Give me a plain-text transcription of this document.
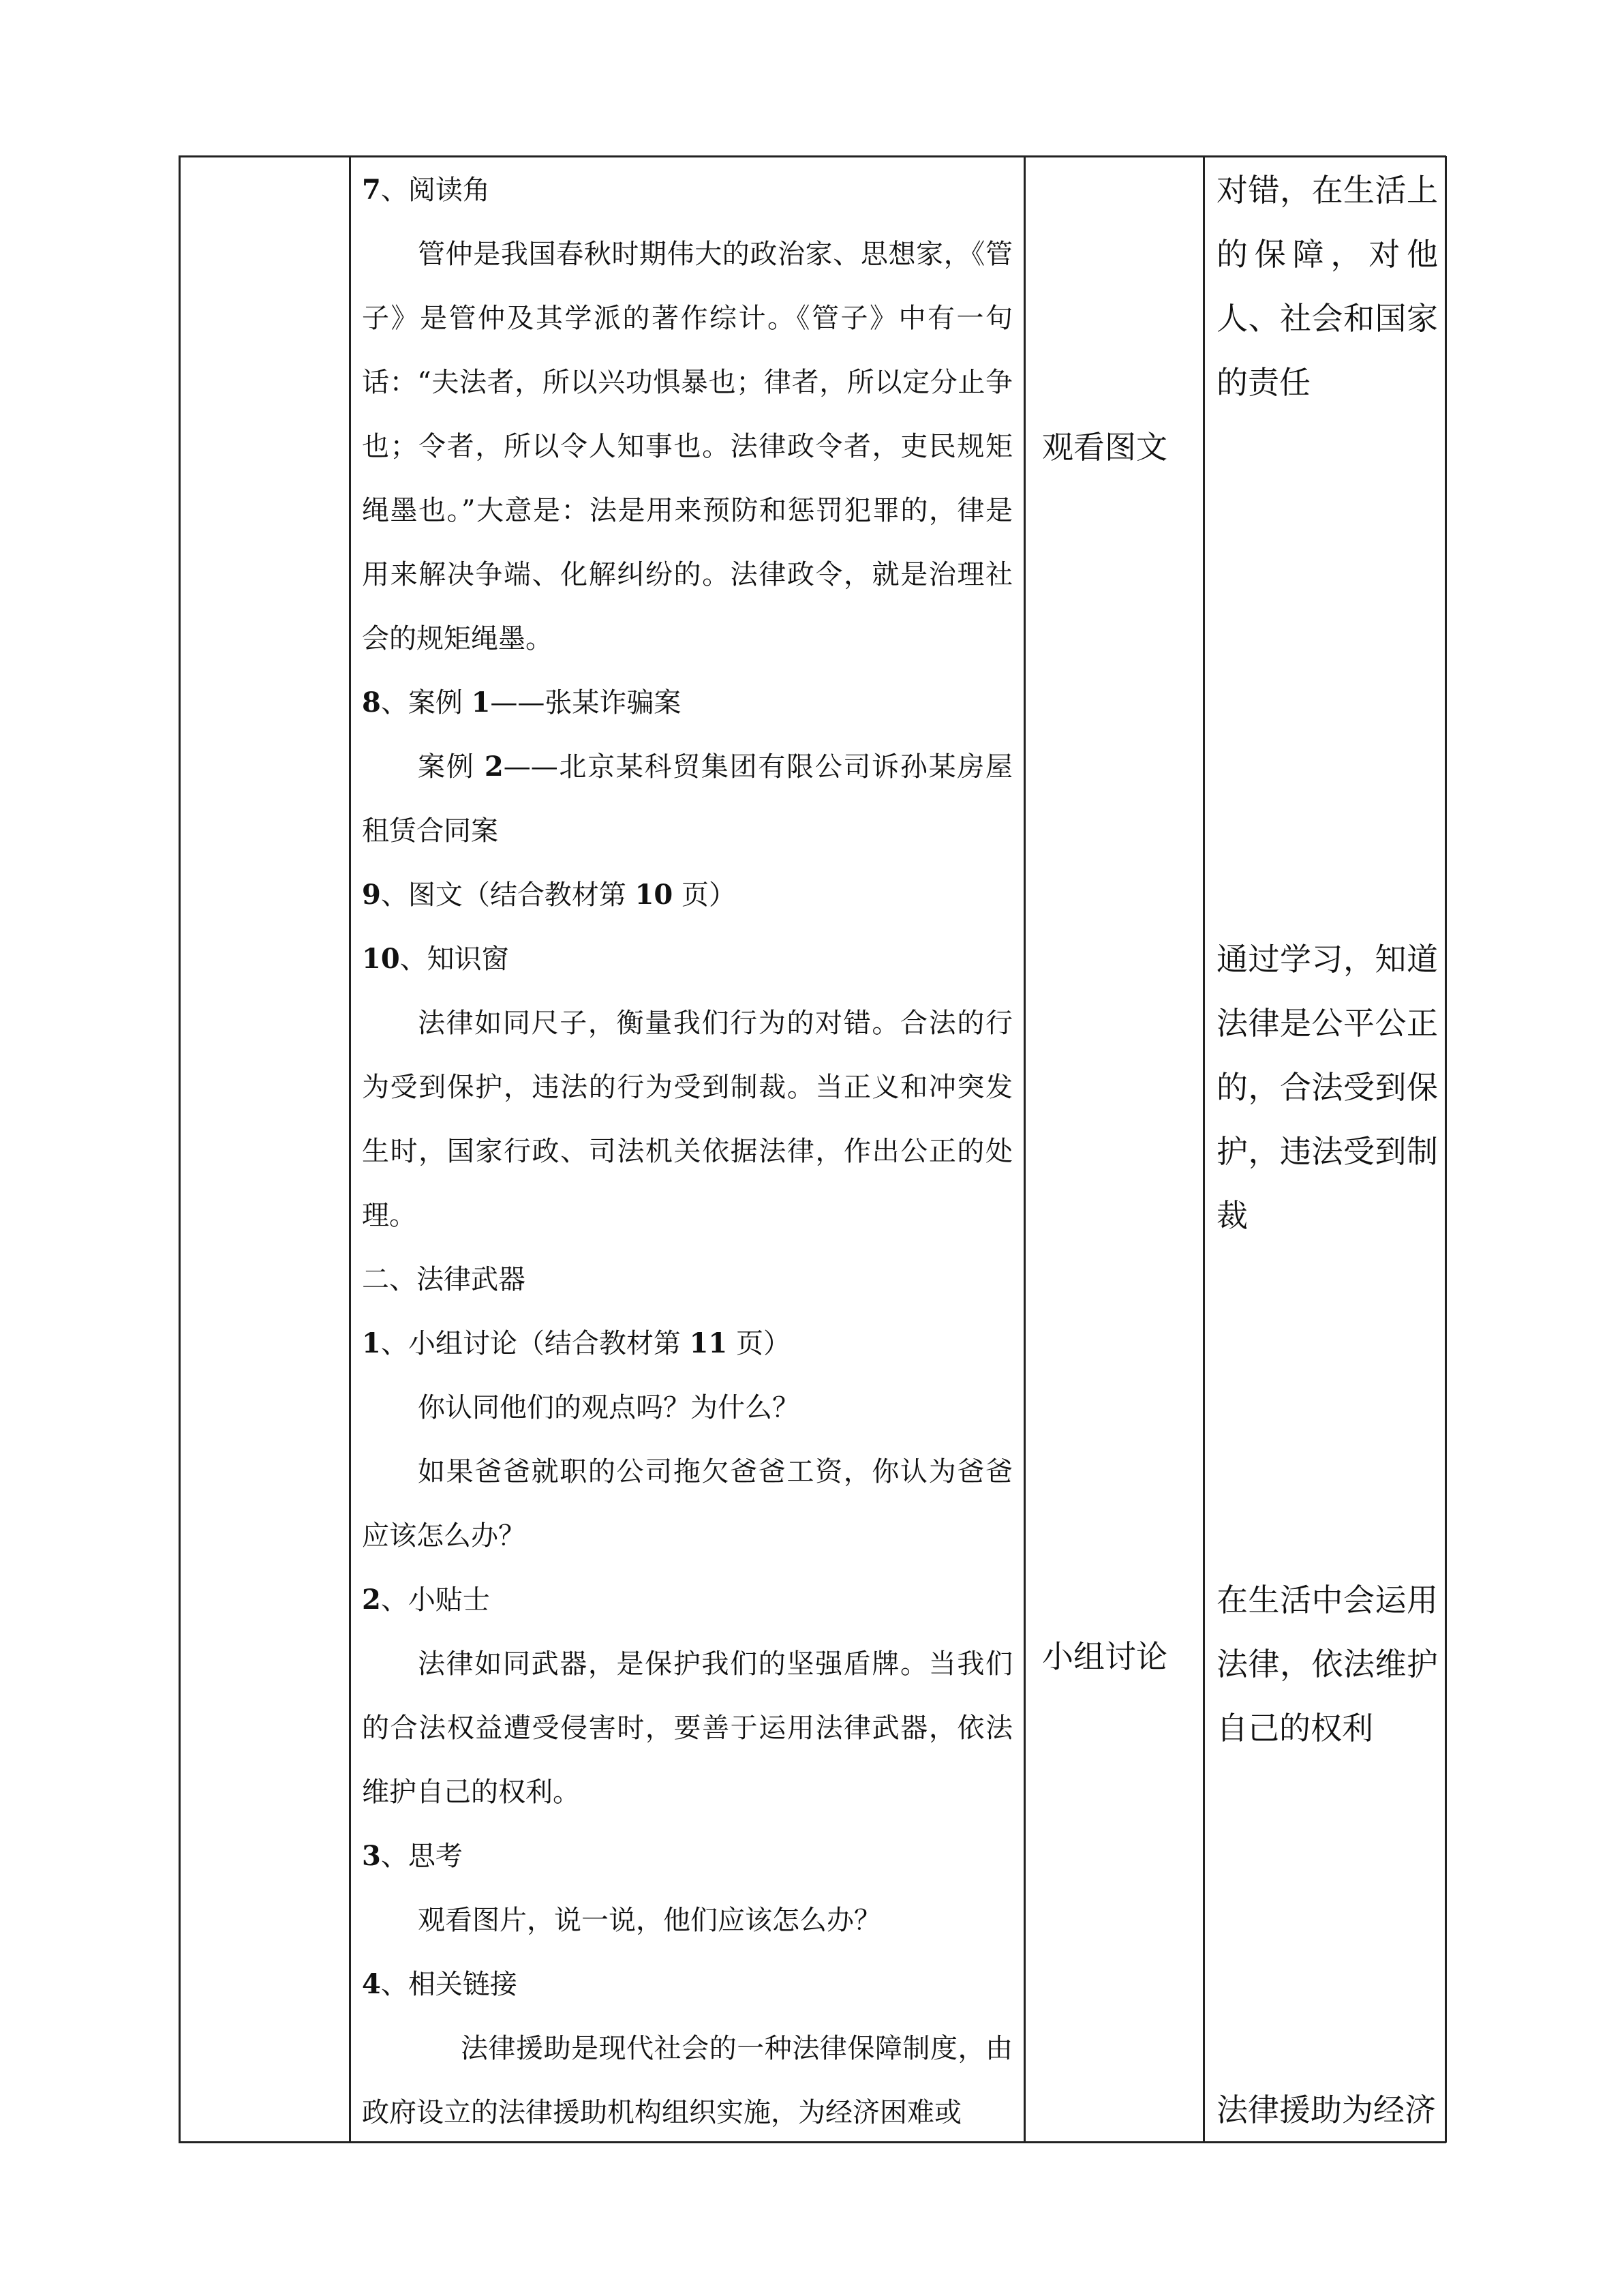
7、阅读角
管仲是我国春秋时期伟大的政治家、思想家，《管子》是管仲及其学派的著作综计。《管子》中有一句话：“夫法者，所以兴功惧暴也；律者，所以定分止争也；令者，所以令人知事也。法律政令者，吏民规矩绳墨也。”大意是：法是用来预防和惩罚犯罪的，律是用来解决争端、化解纠纷的。法律政令，就是治理社会的规矩绳墨。
8、案例 1——张某诈骗案
案例 2——北京某科贸集团有限公司诉孙某房屋租赁合同案
9、图文（结合教材第 10 页）
10、知识窗
法律如同尺子，衡量我们行为的对错。合法的行为受到保护，违法的行为受到制裁。当正义和冲突发生时，国家行政、司法机关依据法律，作出公正的处理。
二、法律武器
1、小组讨论（结合教材第 11 页）
你认同他们的观点吗？为什么？
如果爸爸就职的公司拖欠爸爸工资，你认为爸爸应该怎么办？
2、小贴士
法律如同武器，是保护我们的坚强盾牌。当我们的合法权益遭受侵害时，要善于运用法律武器，依法维护自己的权利。
3、思考
观看图片，说一说，他们应该怎么办？
4、相关链接
法律援助是现代社会的一种法律保障制度，由政府设立的法律援助机构组织实施，为经济困难或
观看图文
小组讨论
对错，在生活上的保障，对他人、社会和国家的责任
通过学习，知道法律是公平公正的，合法受到保护，违法受到制裁
在生活中会运用法律，依法维护自己的权利
法律援助为经济
